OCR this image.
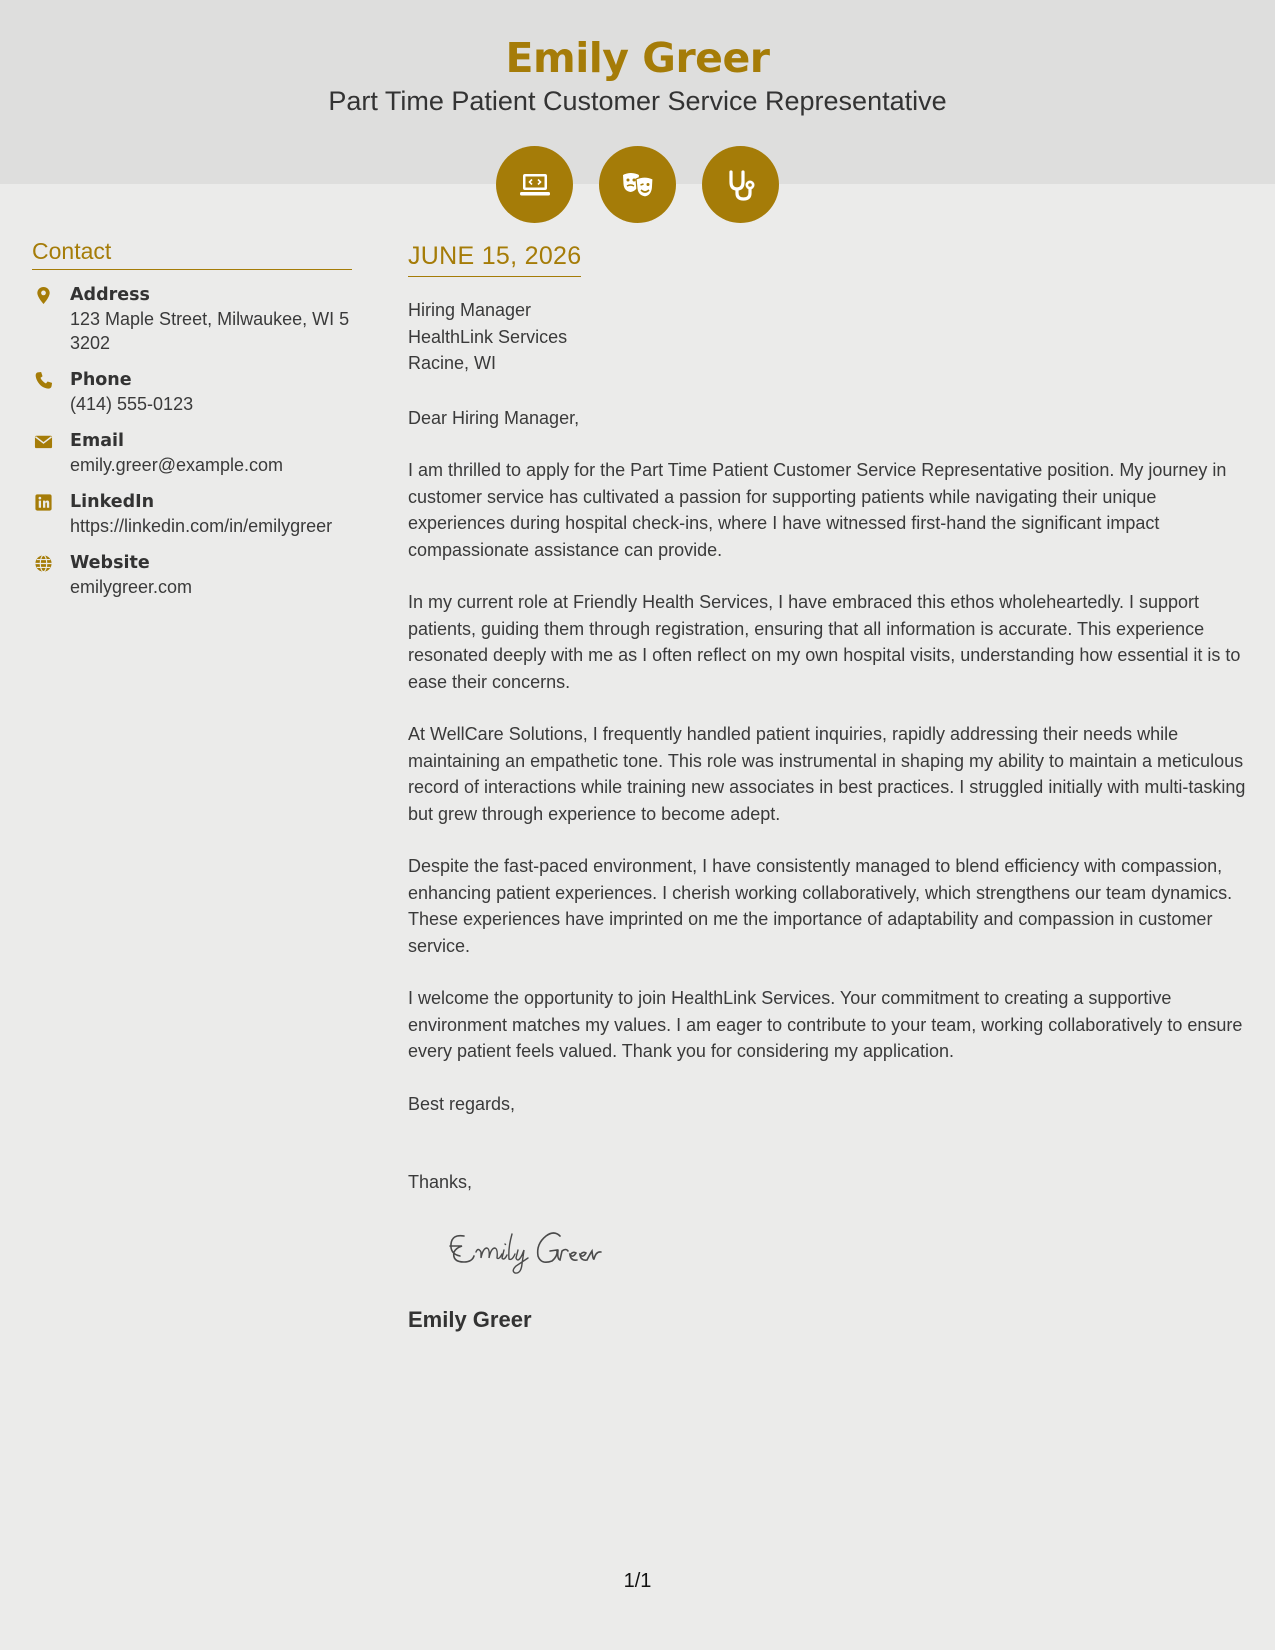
Emily Greer
Part Time Patient Customer Service Representative
Contact
Address
123 Maple Street, Milwaukee, WI 53202
Phone
(414) 555-0123
Email
emily.greer@example.com
LinkedIn
https://linkedin.com/in/emilygreer
Website
emilygreer.com
JUNE 15, 2026
Hiring Manager
HealthLink Services
Racine, WI
Dear Hiring Manager,
I am thrilled to apply for the Part Time Patient Customer Service Representative position. My journey in customer service has cultivated a passion for supporting patients while navigating their unique experiences during hospital check-ins, where I have witnessed first-hand the significant impact compassionate assistance can provide.
In my current role at Friendly Health Services, I have embraced this ethos wholeheartedly. I support patients, guiding them through registration, ensuring that all information is accurate. This experience resonated deeply with me as I often reflect on my own hospital visits, understanding how essential it is to ease their concerns.
At WellCare Solutions, I frequently handled patient inquiries, rapidly addressing their needs while maintaining an empathetic tone. This role was instrumental in shaping my ability to maintain a meticulous record of interactions while training new associates in best practices. I struggled initially with multi-tasking but grew through experience to become adept.
Despite the fast-paced environment, I have consistently managed to blend efficiency with compassion, enhancing patient experiences. I cherish working collaboratively, which strengthens our team dynamics. These experiences have imprinted on me the importance of adaptability and compassion in customer service.
I welcome the opportunity to join HealthLink Services. Your commitment to creating a supportive environment matches my values. I am eager to contribute to your team, working collaboratively to ensure every patient feels valued. Thank you for considering my application.
Best regards,
Thanks,
Emily Greer
1/1
